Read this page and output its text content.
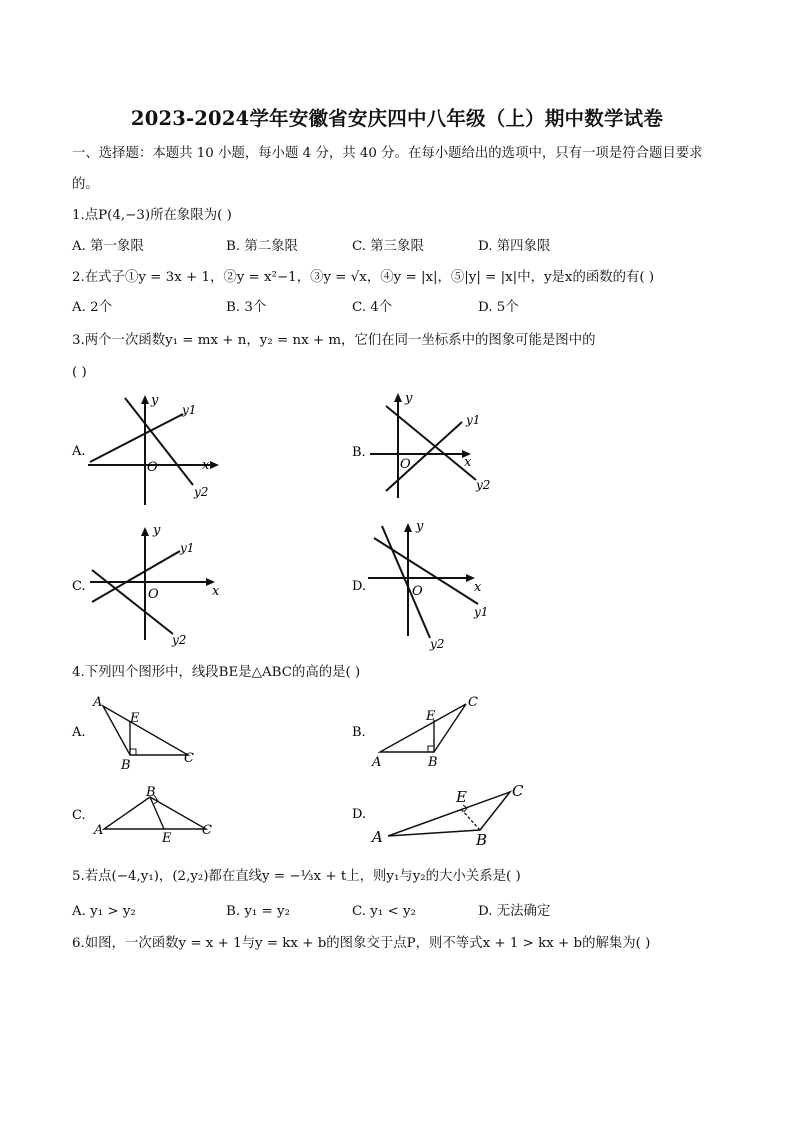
2023-2024学年安徽省安庆四中八年级（上）期中数学试卷
一、选择题：本题共 10 小题，每小题 4 分，共 40 分。在每小题给出的选项中，只有一项是符合题目要求
的。
1.点P(4,−3)所在象限为( )
A. 第一象限	B. 第二象限	C. 第三象限	D. 第四象限
2.在式子①y = 3x + 1，②y = x²−1，③y = √x，④y = |x|，⑤|y| = |x|中，y是x的函数的有( )
A. 2个	B. 3个	C. 4个	D. 5个
3.两个一次函数y₁ = mx + n，y₂ = nx + m，它们在同一坐标系中的图象可能是图中的
( )
A.
y
x
O
y1
y2
B.
y
x
O
y1
y2
C.
y
x
O
y1
y2
D.
y
x
O
y2
y1
4.下列四个图形中，线段BE是△ABC的高的是( )
A.
A
E
B	C
B.
C
E
A	B
C.
B
A
E
C
D.
E	C
A	B
5.若点(−4,y₁)，(2,y₂)都在直线y = −⅓x + t上，则y₁与y₂的大小关系是( )
A. y₁ > y₂	B. y₁ = y₂	C. y₁ < y₂	D. 无法确定
6.如图，一次函数y = x + 1与y = kx + b的图象交于点P，则不等式x + 1 > kx + b的解集为( )
